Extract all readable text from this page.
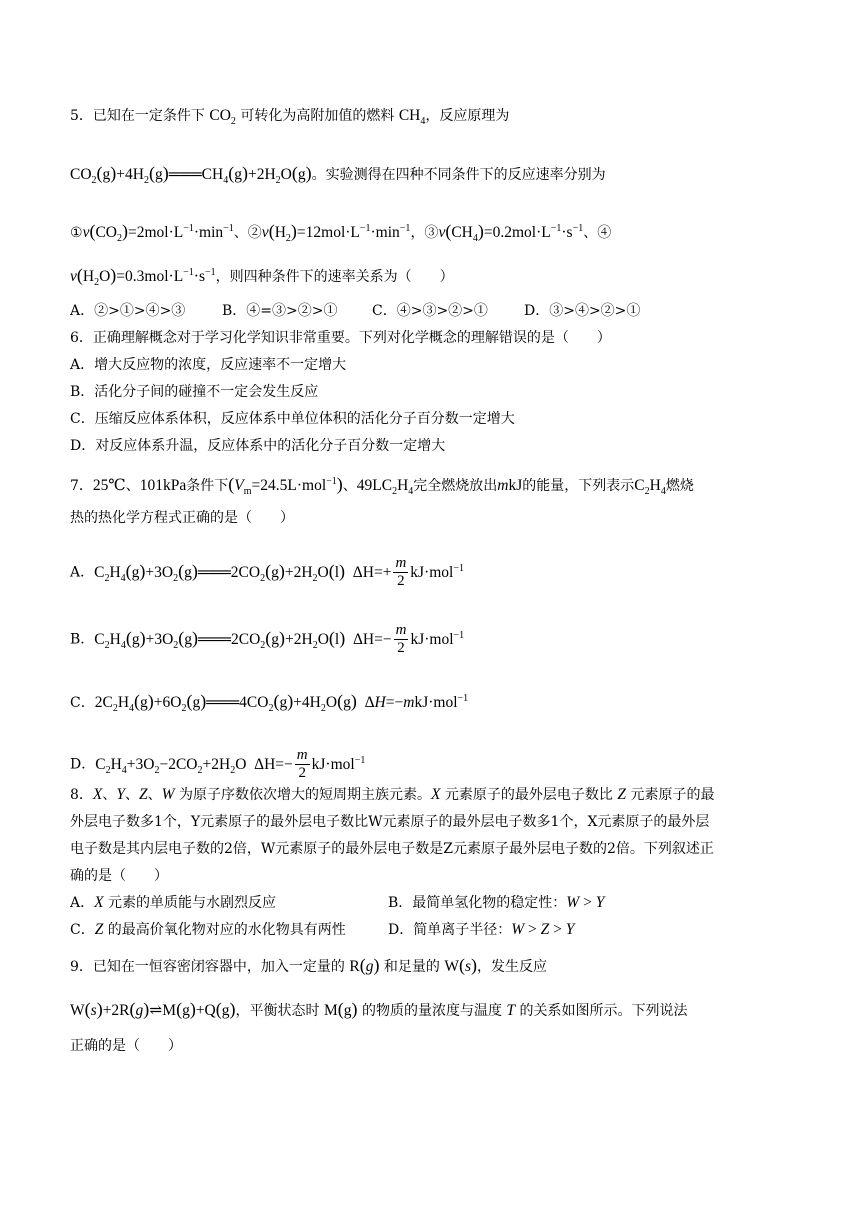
5．已知在一定条件下 $CO_2$ 可转化为高附加值的燃料 $CH_4$，反应原理为
$CO_2(g)+4H_2(g)═══CH_4(g)+2H_2O(g)$。实验测得在四种不同条件下的反应速率分别为
$①v(CO_2)=2mol\cdot L^{-1}\cdot\min^{-1}$、$②v(H_2)=12mol\cdot L^{-1}\cdot\min^{-1}$，$③v(CH_4)=0.2mol\cdot L^{-1}\cdot s^{-1}$、④
$v(H_2O)=0.3mol\cdot L^{-1}\cdot s^{-1}$，则四种条件下的速率关系为（　　）
A．②>①>④>③	B．④=③>②>① C．④>③>②>①	D．③>④>②>①
6．正确理解概念对于学习化学知识非常重要。下列对化学概念的理解错误的是（　　）
A．增大反应物的浓度，反应速率不一定增大
B．活化分子间的碰撞不一定会发生反应
C．压缩反应体系体积，反应体系中单位体积的活化分子百分数一定增大
D．对反应体系升温，反应体系中的活化分子百分数一定增大
7．25℃、101kPa条件下$(V_m=24.5L\cdot mol^{-1})$、$49LC_2H_4$完全燃烧放出mkJ的能量，下列表示$C_2H_4$燃烧
热的热化学方程式正确的是（　　）
A．$C_2H_4(g)+3O_2(g)═══2CO_2(g)+2H_2O(l)$  $\Delta H=+ \frac{m}{2} kJ\cdot mol^{-1}$
B．$C_2H_4(g)+3O_2(g)═══2CO_2(g)+2H_2O(l)$  $\Delta H=- \frac{m}{2} kJ\cdot mol^{-1}$
C．$2C_2H_4(g)+6O_2(g)═══4CO_2(g)+4H_2O(g)$  ΔH=−mkJ·mol$^{-1}$
D．$C_2H_4+3O_2-2CO_2+2H_2O$  $\Delta H=- \frac{m}{2} kJ\cdot mol^{-1}$
8．X、Y、Z、W 为原子序数依次增大的短周期主族元素。X 元素原子的最外层电子数比 Z 元素原子的最
外层电子数多1个，Y元素原子的最外层电子数比W元素原子的最外层电子数多1个，X元素原子的最外层
电子数是其内层电子数的2倍，W元素原子的最外层电子数是Z元素原子最外层电子数的2倍。下列叙述正
确的是（　　）
A．X 元素的单质能与水剧烈反应	B．最简单氢化物的稳定性：W > Y
C．Z 的最高价氧化物对应的水化物具有两性	D．简单离子半径：W > Z > Y
9．已知在一恒容密闭容器中，加入一定量的 R(g) 和足量的 W(s)，发生反应
W(s)+2R(g)⇌M(g)+Q(g)，平衡状态时 M(g) 的物质的量浓度与温度 T 的关系如图所示。下列说法
正确的是（　　）
